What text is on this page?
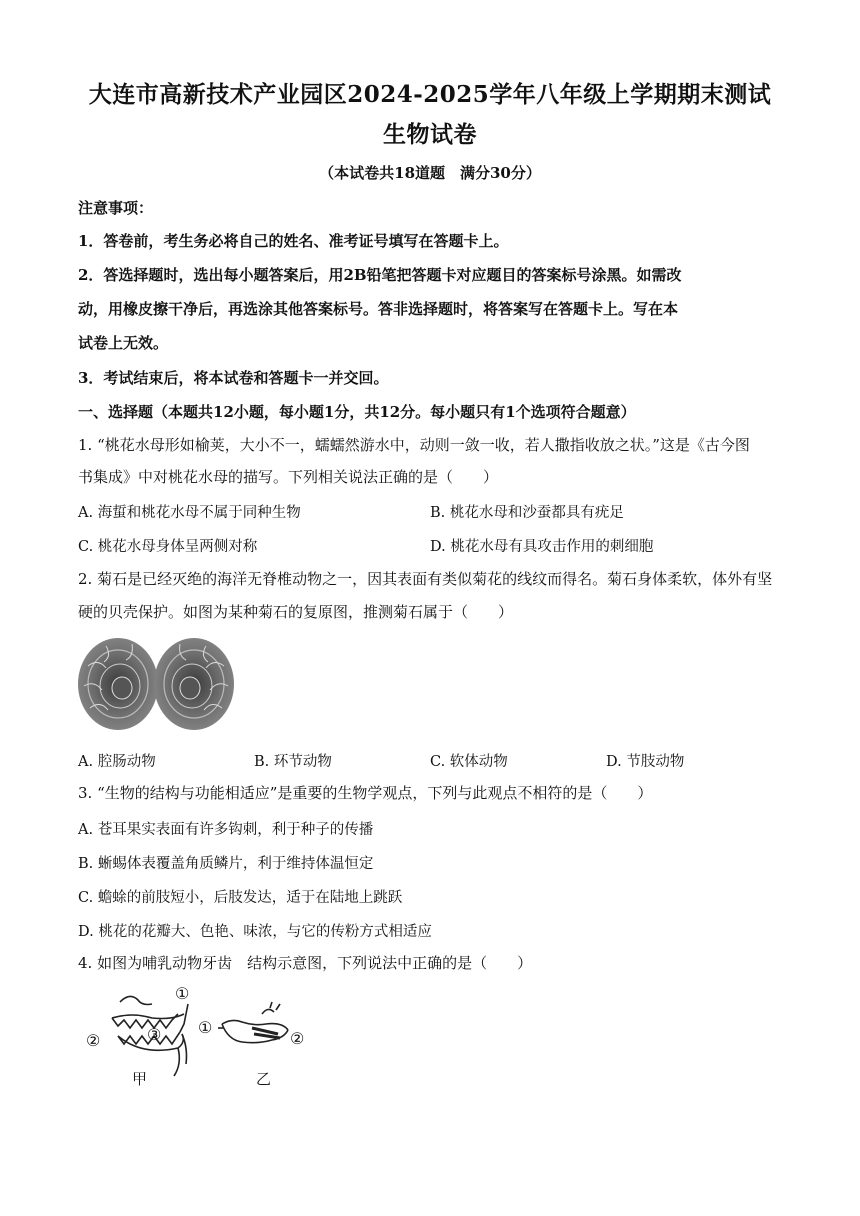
大连市高新技术产业园区2024-2025学年八年级上学期期末测试
生物试卷
（本试卷共18道题　满分30分）
注意事项：
1．答卷前，考生务必将自己的姓名、准考证号填写在答题卡上。
2．答选择题时，选出每小题答案后，用2B铅笔把答题卡对应题目的答案标号涂黑。如需改
动，用橡皮擦干净后，再选涂其他答案标号。答非选择题时，将答案写在答题卡上。写在本
试卷上无效。
3．考试结束后，将本试卷和答题卡一并交回。
一、选择题（本题共12小题，每小题1分，共12分。每小题只有1个选项符合题意）
1. “桃花水母形如榆荚，大小不一，蠕蠕然游水中，动则一敛一收，若人撒指收放之状。”这是《古今图
书集成》中对桃花水母的描写。下列相关说法正确的是（　　）
A. 海蜇和桃花水母不属于同种生物	B. 桃花水母和沙蚕都具有疣足
C. 桃花水母身体呈两侧对称	D. 桃花水母有具攻击作用的刺细胞
2. 菊石是已经灭绝的海洋无脊椎动物之一，因其表面有类似菊花的线纹而得名。菊石身体柔软，体外有坚
硬的贝壳保护。如图为某种菊石的复原图，推测菊石属于（　　）
A. 腔肠动物	B. 环节动物	C. 软体动物	D. 节肢动物
3. “生物的结构与功能相适应”是重要的生物学观点，下列与此观点不相符的是（　　）
A. 苍耳果实表面有许多钩刺，利于种子的传播
B. 蜥蜴体表覆盖角质鳞片，利于维持体温恒定
C. 蟾蜍的前肢短小，后肢发达，适于在陆地上跳跃
D. 桃花的花瓣大、色艳、味浓，与它的传粉方式相适应
4. 如图为哺乳动物牙齿　结构示意图，下列说法中正确的是（　　）
①
②	③ ①
②
甲	乙
